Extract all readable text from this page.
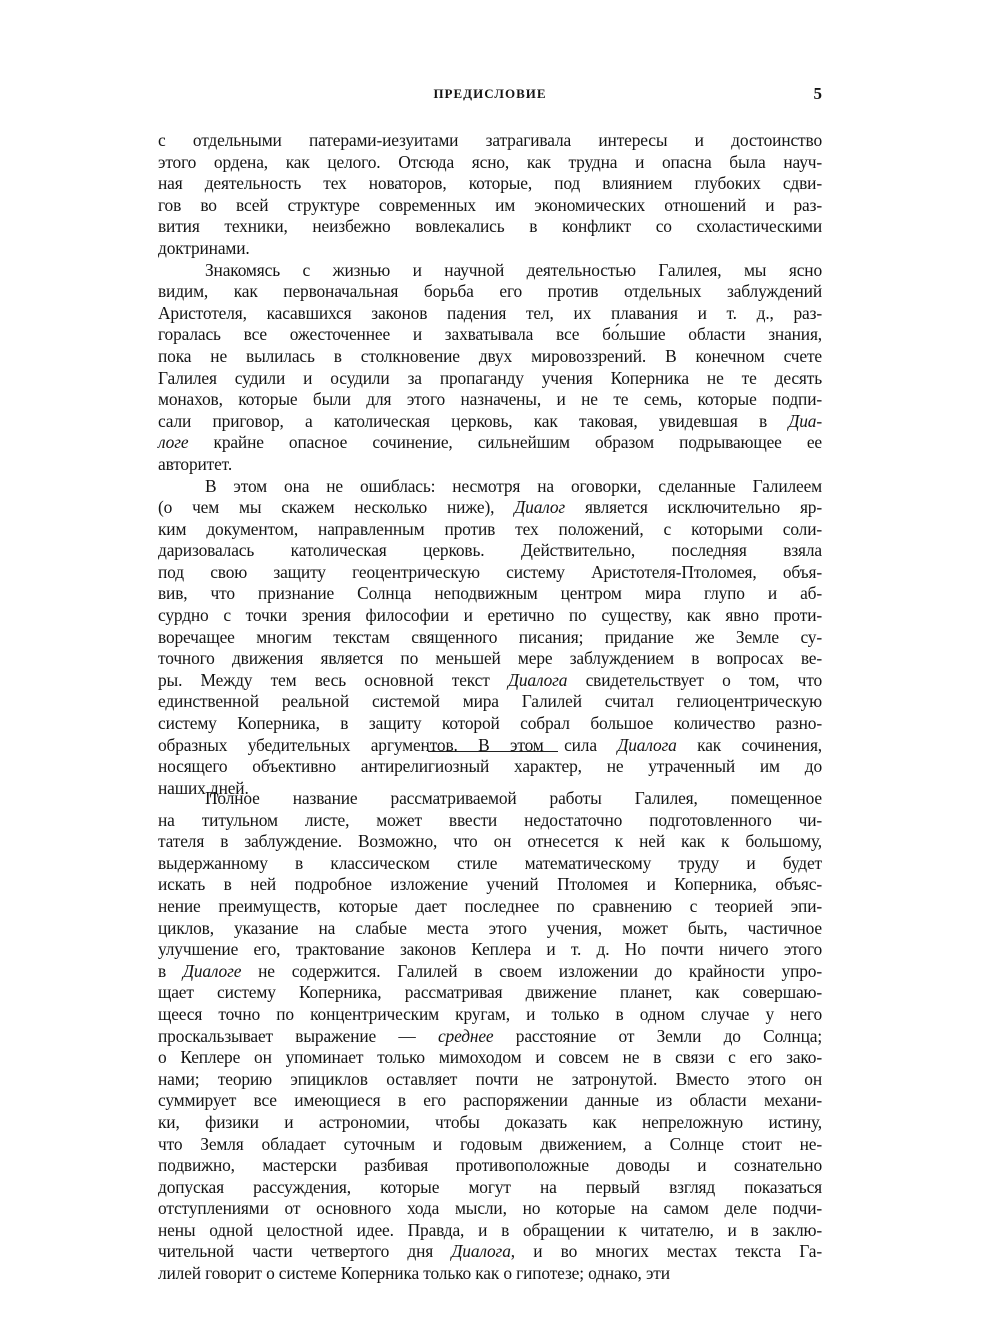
ПРЕДИСЛОВИЕ	5
с отдельными патерами-иезуитами затрагивала интересы и достоинство
этого ордена, как целого. Отсюда ясно, как трудна и опасна была науч-
ная деятельность тех новаторов, которые, под влиянием глубоких сдви-
гов во всей структуре современных им экономических отношений и раз-
вития техники, неизбежно вовлекались в конфликт со схоластическими
доктринами.
Знакомясь с жизнью и научной деятельностью Галилея, мы ясно
видим, как первоначальная борьба его против отдельных заблуждений
Аристотеля, касавшихся законов падения тел, их плавания и т. д., раз-
горалась все ожесточеннее и захватывала все бо́льшие области знания,
пока не вылилась в столкновение двух мировоззрений. В конечном счете
Галилея судили и осудили за пропаганду учения Коперника не те десять
монахов, которые были для этого назначены, и не те семь, которые подпи-
сали приговор, а католическая церковь, как таковая, увидевшая в Диа-
логе крайне опасное сочинение, сильнейшим образом подрывающее ее
авторитет.
В этом она не ошиблась: несмотря на оговорки, сделанные Галилеем
(о чем мы скажем несколько ниже), Диалог является исключительно яр-
ким документом, направленным против тех положений, с которыми соли-
даризовалась католическая церковь. Действительно, последняя взяла
под свою защиту геоцентрическую систему Аристотеля-Птоломея, объя-
вив, что признание Солнца неподвижным центром мира глупо и аб-
сурдно с точки зрения философии и еретично по существу, как явно проти-
воречащее многим текстам священного писания; придание же Земле су-
точного движения является по меньшей мере заблуждением в вопросах ве-
ры. Между тем весь основной текст Диалога свидетельствует о том, что
единственной реальной системой мира Галилей считал гелиоцентрическую
систему Коперника, в защиту которой собрал большое количество разно-
образных убедительных аргументов. В этом сила Диалога как сочинения,
носящего объективно антирелигиозный характер, не утраченный им до
наших дней.
Полное название рассматриваемой работы Галилея, помещенное
на титульном листе, может ввести недостаточно подготовленного чи-
тателя в заблуждение. Возможно, что он отнесется к ней как к большому,
выдержанному в классическом стиле математическому труду и будет
искать в ней подробное изложение учений Птоломея и Коперника, объяс-
нение преимуществ, которые дает последнее по сравнению с теорией эпи-
циклов, указание на слабые места этого учения, может быть, частичное
улучшение его, трактование законов Кеплера и т. д. Но почти ничего этого
в Диалоге не содержится. Галилей в своем изложении до крайности упро-
щает систему Коперника, рассматривая движение планет, как совершаю-
щееся точно по концентрическим кругам, и только в одном случае у него
проскальзывает выражение — среднее расстояние от Земли до Солнца;
о Кеплере он упоминает только мимоходом и совсем не в связи с его зако-
нами; теорию эпициклов оставляет почти не затронутой. Вместо этого он
суммирует все имеющиеся в его распоряжении данные из области механи-
ки, физики и астрономии, чтобы доказать как непреложную истину,
что Земля обладает суточным и годовым движением, а Солнце стоит не-
подвижно, мастерски разбивая противоположные доводы и сознательно
допуская рассуждения, которые могут на первый взгляд показаться
отступлениями от основного хода мысли, но которые на самом деле подчи-
нены одной целостной идее. Правда, и в обращении к читателю, и в заклю-
чительной части четвертого дня Диалога, и во многих местах текста Га-
лилей говорит о системе Коперника только как о гипотезе; однако, эти
